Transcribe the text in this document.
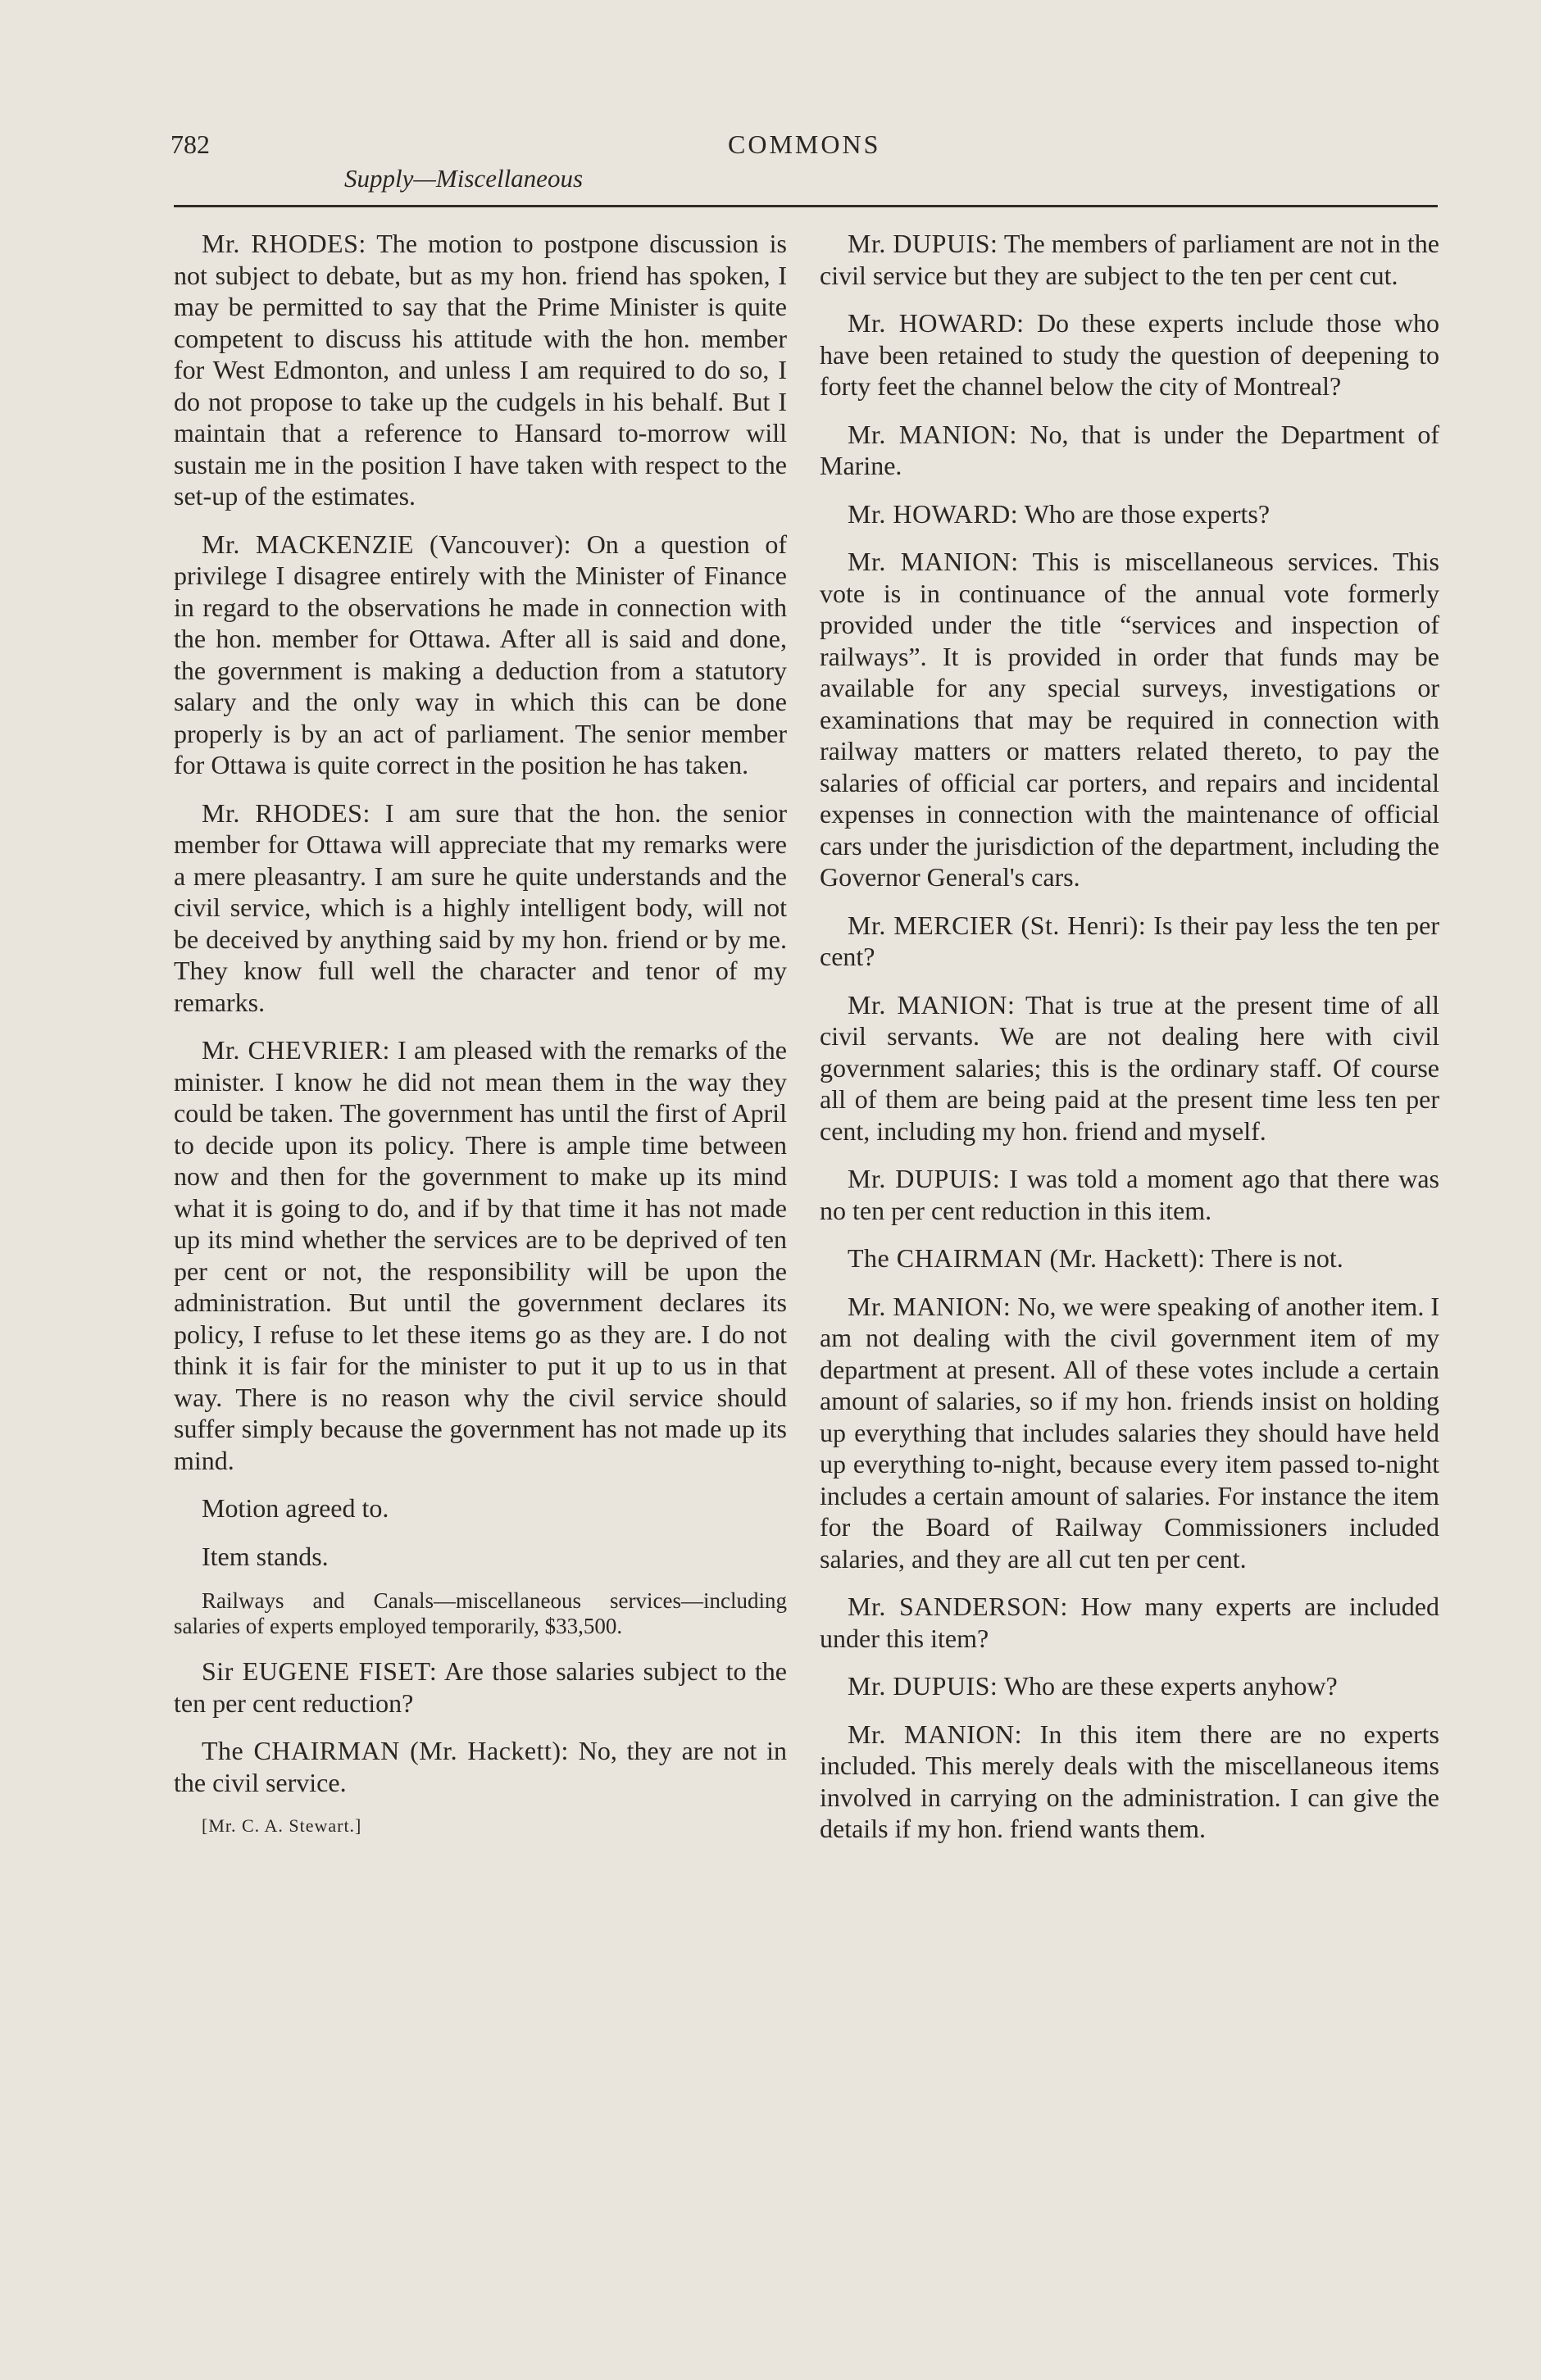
782	COMMONS
Supply—Miscellaneous

Mr. RHODES: The motion to postpone discussion is not subject to debate, but as my hon. friend has spoken, I may be permitted to say that the Prime Minister is quite competent to discuss his attitude with the hon. member for West Edmonton, and unless I am required to do so, I do not propose to take up the cudgels in his behalf. But I maintain that a reference to Hansard to-morrow will sustain me in the position I have taken with respect to the set-up of the estimates.

Mr. MACKENZIE (Vancouver): On a question of privilege I disagree entirely with the Minister of Finance in regard to the observations he made in connection with the hon. member for Ottawa. After all is said and done, the government is making a deduction from a statutory salary and the only way in which this can be done properly is by an act of parliament. The senior member for Ottawa is quite correct in the position he has taken.

Mr. RHODES: I am sure that the hon. the senior member for Ottawa will appreciate that my remarks were a mere pleasantry. I am sure he quite understands and the civil service, which is a highly intelligent body, will not be deceived by anything said by my hon. friend or by me. They know full well the character and tenor of my remarks.

Mr. CHEVRIER: I am pleased with the remarks of the minister. I know he did not mean them in the way they could be taken. The government has until the first of April to decide upon its policy. There is ample time between now and then for the government to make up its mind what it is going to do, and if by that time it has not made up its mind whether the services are to be deprived of ten per cent or not, the responsibility will be upon the administration. But until the government declares its policy, I refuse to let these items go as they are. I do not think it is fair for the minister to put it up to us in that way. There is no reason why the civil service should suffer simply because the government has not made up its mind.

Motion agreed to.

Item stands.

Railways and Canals—miscellaneous services—including salaries of experts employed temporarily, $33,500.

Sir EUGENE FISET: Are those salaries subject to the ten per cent reduction?

The CHAIRMAN (Mr. Hackett): No, they are not in the civil service.

[Mr. C. A. Stewart.]

Mr. DUPUIS: The members of parliament are not in the civil service but they are subject to the ten per cent cut.

Mr. HOWARD: Do these experts include those who have been retained to study the question of deepening to forty feet the channel below the city of Montreal?

Mr. MANION: No, that is under the Department of Marine.

Mr. HOWARD: Who are those experts?

Mr. MANION: This is miscellaneous services. This vote is in continuance of the annual vote formerly provided under the title “services and inspection of railways”. It is provided in order that funds may be available for any special surveys, investigations or examinations that may be required in connection with railway matters or matters related thereto, to pay the salaries of official car porters, and repairs and incidental expenses in connection with the maintenance of official cars under the jurisdiction of the department, including the Governor General's cars.

Mr. MERCIER (St. Henri): Is their pay less the ten per cent?

Mr. MANION: That is true at the present time of all civil servants. We are not dealing here with civil government salaries; this is the ordinary staff. Of course all of them are being paid at the present time less ten per cent, including my hon. friend and myself.

Mr. DUPUIS: I was told a moment ago that there was no ten per cent reduction in this item.

The CHAIRMAN (Mr. Hackett): There is not.

Mr. MANION: No, we were speaking of another item. I am not dealing with the civil government item of my department at present. All of these votes include a certain amount of salaries, so if my hon. friends insist on holding up everything that includes salaries they should have held up everything to-night, because every item passed to-night includes a certain amount of salaries. For instance the item for the Board of Railway Commissioners included salaries, and they are all cut ten per cent.

Mr. SANDERSON: How many experts are included under this item?

Mr. DUPUIS: Who are these experts anyhow?

Mr. MANION: In this item there are no experts included. This merely deals with the miscellaneous items involved in carrying on the administration. I can give the details if my hon. friend wants them.
